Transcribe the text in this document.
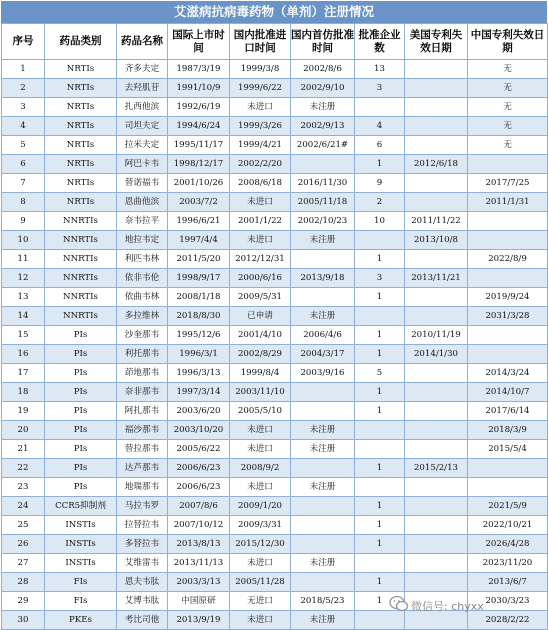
艾滋病抗病毒药物（单剂）注册情况
序号	药品类别	药品名称	国际上市时间	国内批准进口时间	国内首仿批准时间	批准企业数	美国专利失效日期	中国专利失效日期
1	NRTIs	齐多夫定	1987/3/19	1999/3/8	2002/8/6	13		无
2	NRTIs	去羟肌苷	1991/10/9	1999/6/22	2002/9/10	3		无
3	NRTIs	扎西他滨	1992/6/19	未进口	未注册			无
4	NRTIs	司坦夫定	1994/6/24	1999/3/26	2002/9/13	4		无
5	NRTIs	拉米夫定	1995/11/17	1999/4/21	2002/6/21#	6		无
6	NRTIs	阿巴卡韦	1998/12/17	2002/2/20		1	2012/6/18	
7	NRTIs	替诺福韦	2001/10/26	2008/6/18	2016/11/30	9		2017/7/25
8	NRTIs	恩曲他滨	2003/7/2	未进口	2005/11/18	2		2011/1/31
9	NNRTIs	奈韦拉平	1996/6/21	2001/1/22	2002/10/23	10	2011/11/22	
10	NNRTIs	地拉韦定	1997/4/4	未进口	未注册		2013/10/8	
11	NNRTIs	利匹韦林	2011/5/20	2012/12/31		1		2022/8/9
12	NNRTIs	依非韦伦	1998/9/17	2000/6/16	2013/9/18	3	2013/11/21	
13	NNRTIs	依曲韦林	2008/1/18	2009/5/31		1		2019/9/24
14	NNRTIs	多拉维林	2018/8/30	已申请	未注册			2031/3/28
15	PIs	沙奎那韦	1995/12/6	2001/4/10	2006/4/6	1	2010/11/19	
16	PIs	利托那韦	1996/3/1	2002/8/29	2004/3/17	1	2014/1/30	
17	PIs	茚地那韦	1996/3/13	1999/8/4	2003/9/16	5		2014/3/24
18	PIs	奈非那韦	1997/3/14	2003/11/10		1		2014/10/7
19	PIs	阿扎那韦	2003/6/20	2005/5/10		1		2017/6/14
20	PIs	福沙那韦	2003/10/20	未进口	未注册			2018/3/9
21	PIs	替拉那韦	2005/6/22	未进口	未注册			2015/5/4
22	PIs	达芦那韦	2006/6/23	2008/9/2		1	2015/2/13	
23	PIs	地瑞那韦	2006/6/23	未进口	未注册			
24	CCR5抑制剂	马拉韦罗	2007/8/6	2009/1/20		1		2021/5/9
25	INSTIs	拉替拉韦	2007/10/12	2009/3/31		1		2022/10/21
26	INSTIs	多替拉韦	2013/8/13	2015/12/30		1		2026/4/28
27	INSTIs	艾维雷韦	2013/11/13	未进口	未注册			2023/11/20
28	FIs	恩夫韦肽	2003/3/13	2005/11/28		1		2013/6/7
29	FIs	艾博韦肽	中国原研	无进口	2018/5/23	1		2030/3/23
30	PKEs	考比司他	2013/9/19	未进口	未注册			2028/2/22
微信号: chyxx
